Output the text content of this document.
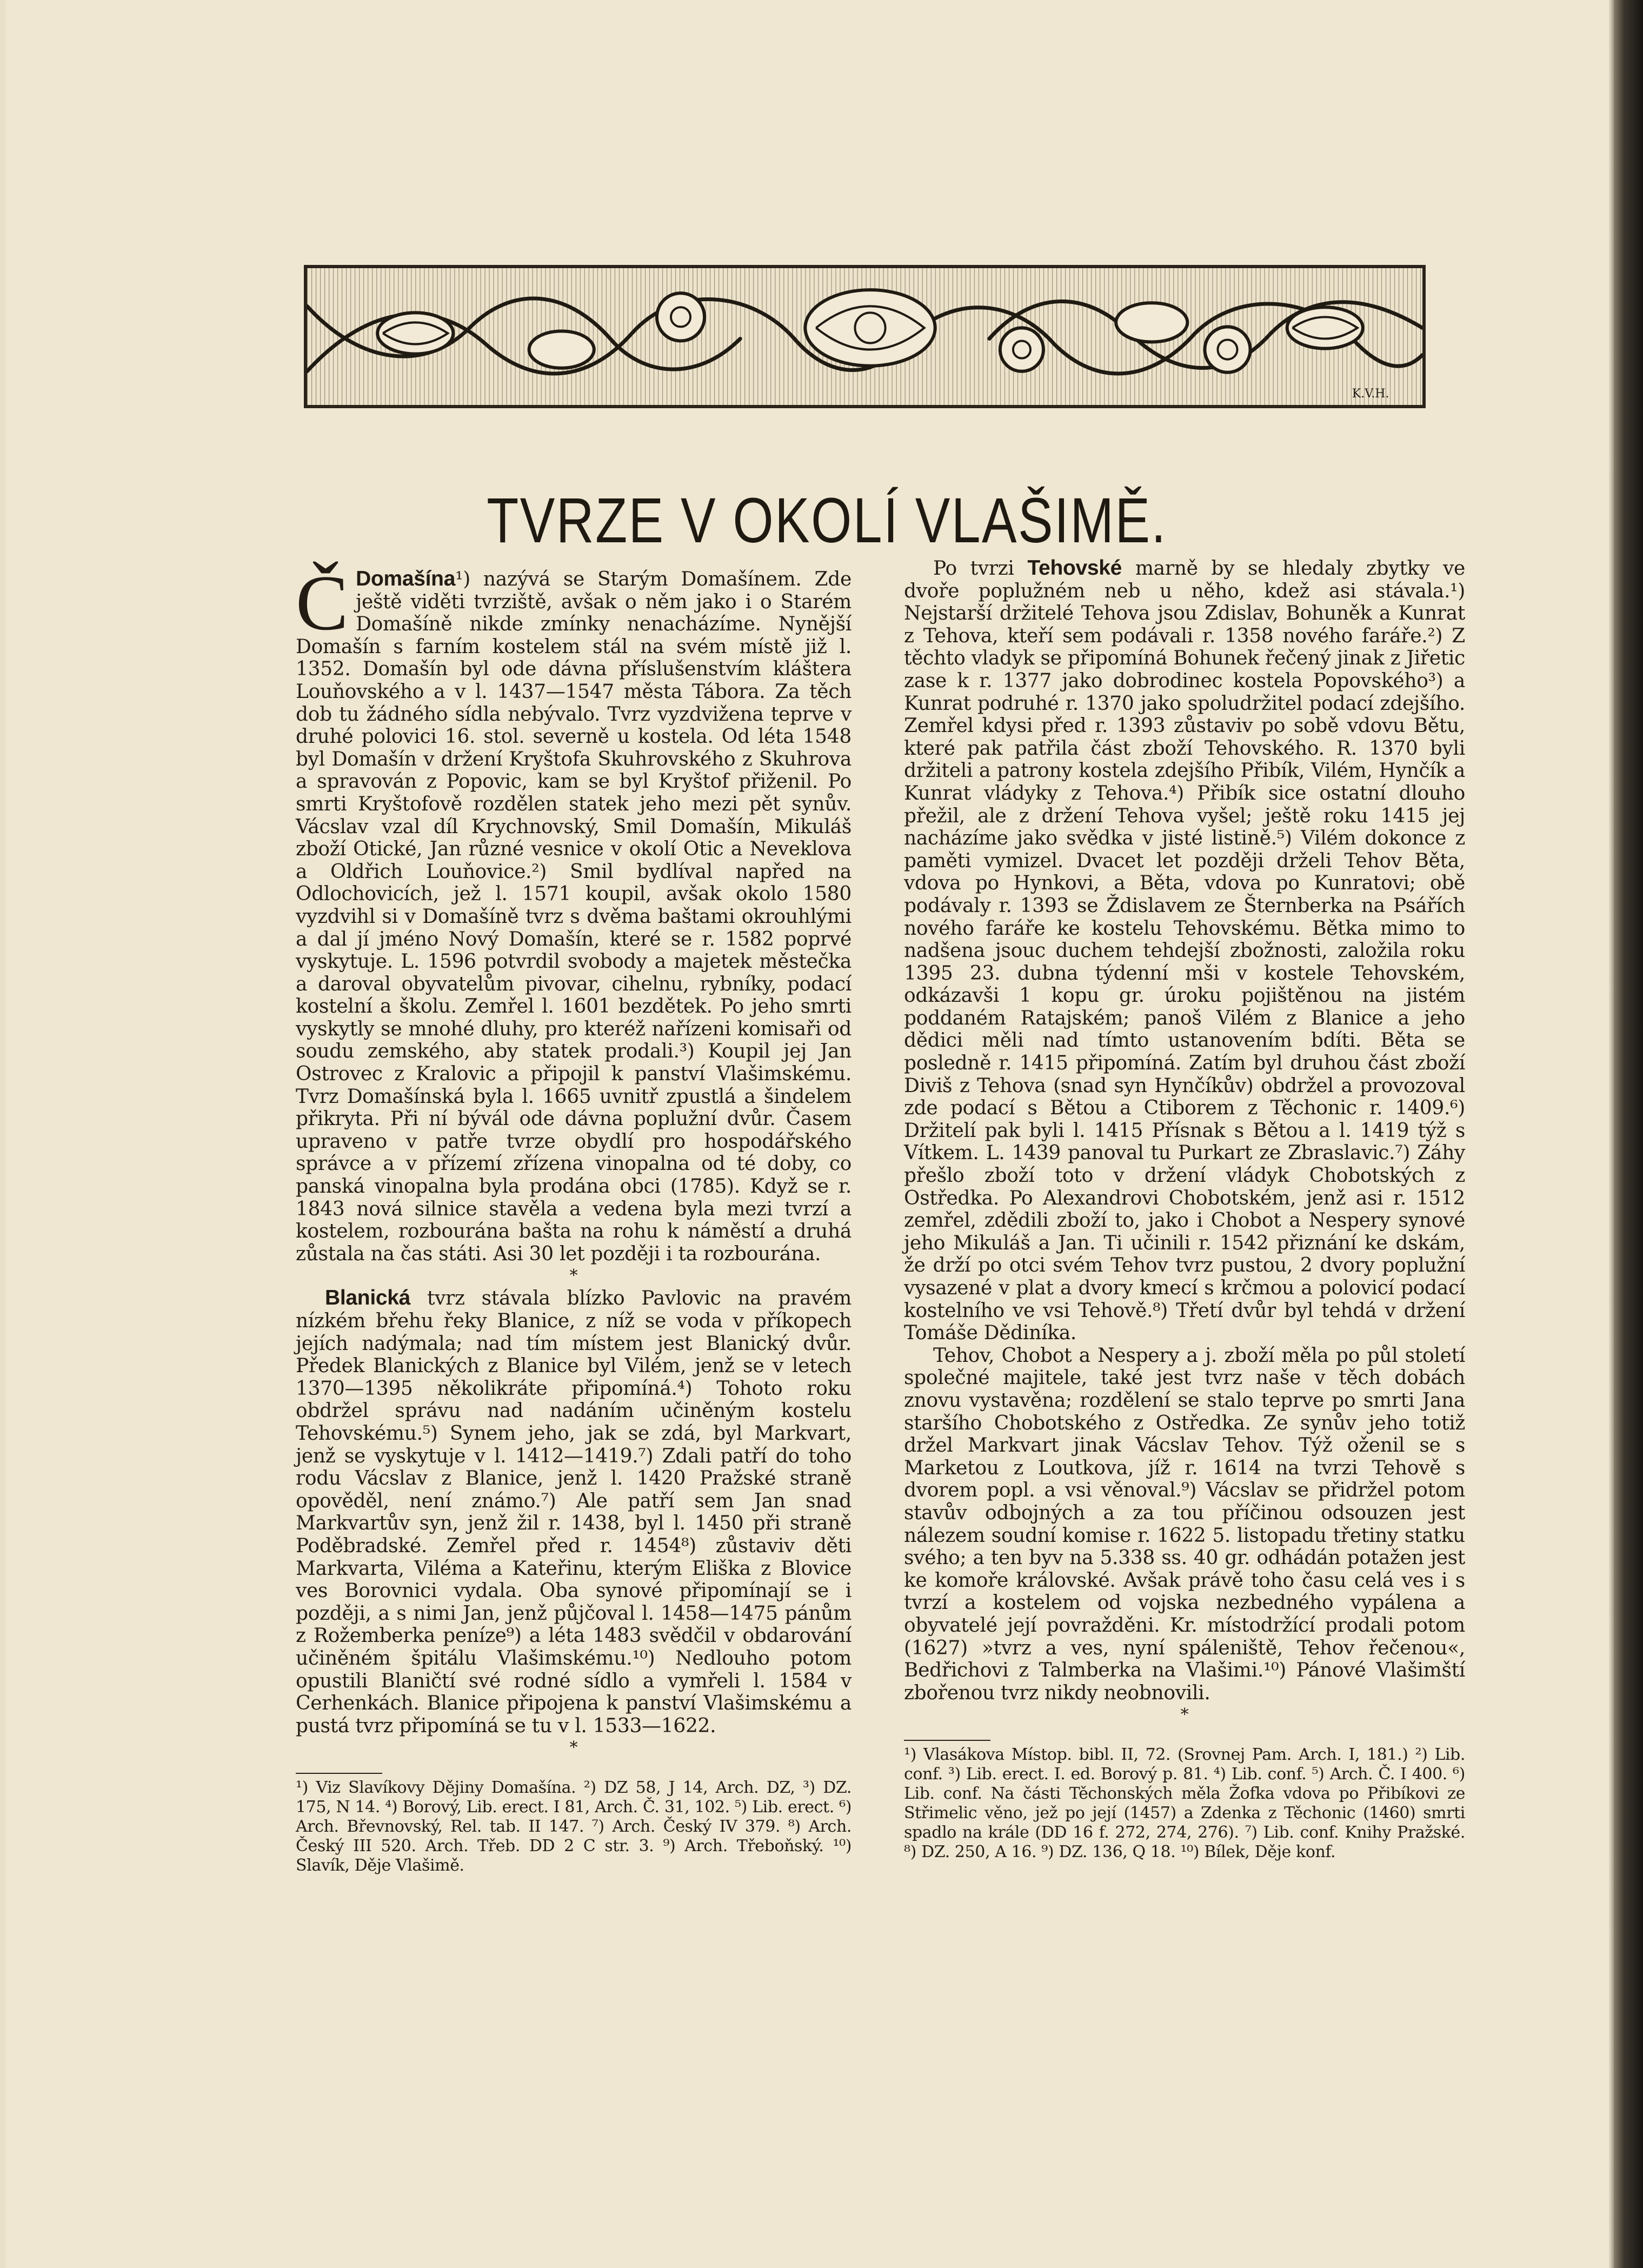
K.V.H.
TVRZE V OKOLÍ VLAŠIMĚ.

Č Domašína¹) nazývá se Starým Domašínem. Zde ještě viděti tvrziště, avšak o něm jako i o Starém Domašíně nikde zmínky nenacházíme. Nynější Domašín s farním kostelem stál na svém místě již l. 1352. Domašín byl ode dávna příslušenstvím kláštera Louňovského a v l. 1437—1547 města Tábora. Za těch dob tu žádného sídla nebývalo. Tvrz vyzdvižena teprve v druhé polovici 16. stol. severně u kostela. Od léta 1548 byl Domašín v držení Kryštofa Skuhrovského z Skuhrova a spravován z Popovic, kam se byl Kryštof přiženil. Po smrti Kryštofově rozdělen statek jeho mezi pět synův. Vácslav vzal díl Krychnovský, Smil Domašín, Mikuláš zboží Otické, Jan různé vesnice v okolí Otic a Neveklova a Oldřich Louňovice.²) Smil bydlíval napřed na Odlochovicích, jež l. 1571 koupil, avšak okolo 1580 vyzdvihl si v Domašíně tvrz s dvěma baštami okrouhlými a dal jí jméno Nový Domašín, které se r. 1582 poprvé vyskytuje. L. 1596 potvrdil svobody a majetek městečka a daroval obyvatelům pivovar, cihelnu, rybníky, podací kostelní a školu. Zemřel l. 1601 bezdětek. Po jeho smrti vyskytly se mnohé dluhy, pro kteréž nařízeni komisaři od soudu zemského, aby statek prodali.³) Koupil jej Jan Ostrovec z Kralovic a připojil k panství Vlašimskému. Tvrz Domašínská byla l. 1665 uvnitř zpustlá a šindelem přikryta. Při ní bývál ode dávna poplužní dvůr. Časem upraveno v patře tvrze obydlí pro hospodářského správce a v přízemí zřízena vinopalna od té doby, co panská vinopalna byla prodána obci (1785). Když se r. 1843 nová silnice stavěla a vedena byla mezi tvrzí a kostelem, rozbourána bašta na rohu k náměstí a druhá zůstala na čas státi. Asi 30 let později i ta rozbourána.

*

Blanická tvrz stávala blízko Pavlovic na pravém nízkém břehu řeky Blanice, z níž se voda v příkopech jejích nadýmala; nad tím místem jest Blanický dvůr. Předek Blanických z Blanice byl Vilém, jenž se v letech 1370—1395 několikráte připomíná.⁴) Tohoto roku obdržel správu nad nadáním učiněným kostelu Tehovskému.⁵) Synem jeho, jak se zdá, byl Markvart, jenž se vyskytuje v l. 1412—1419.⁷) Zdali patří do toho rodu Vácslav z Blanice, jenž l. 1420 Pražské straně opověděl, není známo.⁷) Ale patří sem Jan snad Markvartův syn, jenž žil r. 1438, byl l. 1450 při straně Poděbradské. Zemřel před r. 1454⁸) zůstaviv děti Markvarta, Viléma a Kateřinu, kterým Eliška z Blovice ves Borovnici vydala. Oba synové připomínají se i později, a s nimi Jan, jenž půjčoval l. 1458—1475 pánům z Rožemberka peníze⁹) a léta 1483 svědčil v obdarování učiněném špitálu Vlašimskému.¹⁰) Nedlouho potom opustili Blaničtí své rodné sídlo a vymřeli l. 1584 v Cerhenkách. Blanice připojena k panství Vlašimskému a pustá tvrz připomíná se tu v l. 1533—1622.

*

¹) Viz Slavíkovy Dějiny Domašína. ²) DZ 58, J 14, Arch. DZ, ³) DZ. 175, N 14. ⁴) Borový, Lib. erect. I 81, Arch. Č. 31, 102. ⁵) Lib. erect. ⁶) Arch. Břevnovský, Rel. tab. II 147. ⁷) Arch. Český IV 379. ⁸) Arch. Český III 520. Arch. Třeb. DD 2 C str. 3. ⁹) Arch. Třeboňský. ¹⁰) Slavík, Děje Vlašimě.

Po tvrzi Tehovské marně by se hledaly zbytky ve dvoře poplužném neb u něho, kdež asi stávala.¹) Nejstarší držitelé Tehova jsou Zdislav, Bohuněk a Kunrat z Tehova, kteří sem podávali r. 1358 nového faráře.²) Z těchto vladyk se připomíná Bohunek řečený jinak z Jiřetic zase k r. 1377 jako dobrodinec kostela Popovského³) a Kunrat podruhé r. 1370 jako spoludržitel podací zdejšího. Zemřel kdysi před r. 1393 zůstaviv po sobě vdovu Bětu, které pak patřila část zboží Tehovského. R. 1370 byli držiteli a patrony kostela zdejšího Přibík, Vilém, Hynčík a Kunrat vládyky z Tehova.⁴) Přibík sice ostatní dlouho přežil, ale z držení Tehova vyšel; ještě roku 1415 jej nacházíme jako svědka v jisté listině.⁵) Vilém dokonce z paměti vymizel. Dvacet let později drželi Tehov Běta, vdova po Hynkovi, a Běta, vdova po Kunratovi; obě podávaly r. 1393 se Ždislavem ze Šternberka na Psářích nového faráře ke kostelu Tehovskému. Bětka mimo to nadšena jsouc duchem tehdejší zbožnosti, založila roku 1395 23. dubna týdenní mši v kostele Tehovském, odkázavši 1 kopu gr. úroku pojištěnou na jistém poddaném Ratajském; panoš Vilém z Blanice a jeho dědici měli nad tímto ustanovením bdíti. Běta se posledně r. 1415 připomíná. Zatím byl druhou část zboží Diviš z Tehova (snad syn Hynčíkův) obdržel a provozoval zde podací s Bětou a Ctiborem z Těchonic r. 1409.⁶) Držitelí pak byli l. 1415 Přísnak s Bětou a l. 1419 týž s Vítkem. L. 1439 panoval tu Purkart ze Zbraslavic.⁷) Záhy přešlo zboží toto v držení vládyk Chobotských z Ostředka. Po Alexandrovi Chobotském, jenž asi r. 1512 zemřel, zdědili zboží to, jako i Chobot a Nespery synové jeho Mikuláš a Jan. Ti učinili r. 1542 přiznání ke dskám, že drží po otci svém Tehov tvrz pustou, 2 dvory poplužní vysazené v plat a dvory kmecí s krčmou a polovicí podací kostelního ve vsi Tehově.⁸) Třetí dvůr byl tehdá v držení Tomáše Dědiníka.

Tehov, Chobot a Nespery a j. zboží měla po půl století společné majitele, také jest tvrz naše v těch dobách znovu vystavěna; rozdělení se stalo teprve po smrti Jana staršího Chobotského z Ostředka. Ze synův jeho totiž držel Markvart jinak Vácslav Tehov. Týž oženil se s Marketou z Loutkova, jíž r. 1614 na tvrzi Tehově s dvorem popl. a vsi věnoval.⁹) Vácslav se přidržel potom stavův odbojných a za tou příčinou odsouzen jest nálezem soudní komise r. 1622 5. listopadu třetiny statku svého; a ten byv na 5.338 ss. 40 gr. odhádán potažen jest ke komoře královské. Avšak právě toho času celá ves i s tvrzí a kostelem od vojska nezbedného vypálena a obyvatelé její povražděni. Kr. místodržící prodali potom (1627) »tvrz a ves, nyní spáleniště, Tehov řečenou«, Bedřichovi z Talmberka na Vlašimi.¹⁰) Pánové Vlašimští zbořenou tvrz nikdy neobnovili.

*

¹) Vlasákova Místop. bibl. II, 72. (Srovnej Pam. Arch. I, 181.) ²) Lib. conf. ³) Lib. erect. I. ed. Borový p. 81. ⁴) Lib. conf. ⁵) Arch. Č. I 400. ⁶) Lib. conf. Na části Těchonských měla Žofka vdova po Přibíkovi ze Střimelic věno, jež po její (1457) a Zdenka z Těchonic (1460) smrti spadlo na krále (DD 16 f. 272, 274, 276). ⁷) Lib. conf. Knihy Pražské. ⁸) DZ. 250, A 16. ⁹) DZ. 136, Q 18. ¹⁰) Bílek, Děje konf.
